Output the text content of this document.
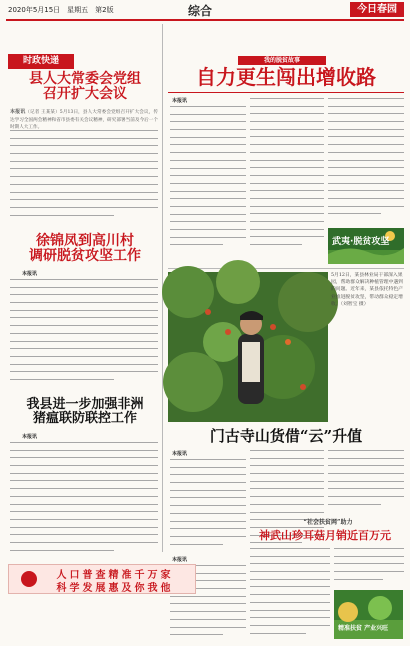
2020年5月15日　星期五　第2版	综合	今日春园
时政快递
县人大常委会党组
召开扩大会议
本报讯（记者 王某某）5月13日，县人大常委会党组召开扩大会议，传达学习全国两会精神和省市县委有关会议精神，研究部署当前及今后一个时期人大工作。
徐锦凤到高川村
调研脱贫攻坚工作
本报讯
我县进一步加强非洲
猪瘟联防联控工作
本报讯
我的脱贫故事
自力更生闯出增收路
本报讯
武夷·脱贫攻坚
5月12日，某县林业局干部深入果园，帮助群众解决种植管理中遇到的问题。近年来，某县依托特色产业推进脱贫攻坚，带动群众稳定增收。（刘智宝 摄）
门古寺山货借“云”升值
本报讯
“社会扶贫网”助力
神武山珍耳菇月销近百万元
本报讯
精准扶贫 产业兴旺
人口普查精准千万家
科学发展惠及你我他
